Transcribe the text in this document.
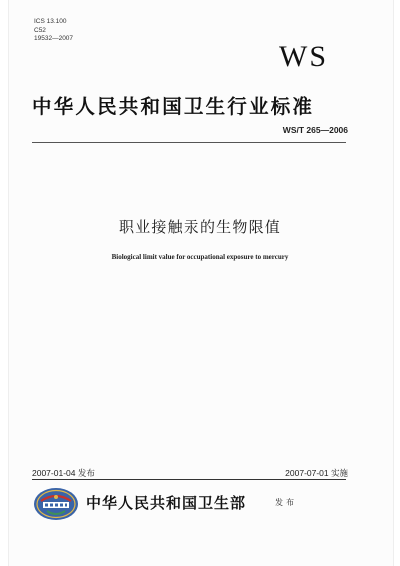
ICS 13.100
C52
19532—2007
WS
中华人民共和国卫生行业标准
WS/T 265—2006
职业接触汞的生物限值
Biological limit value for occupational exposure to mercury
2007-01-04 发布	2007-07-01 实施
中华人民共和国卫生部	发布
